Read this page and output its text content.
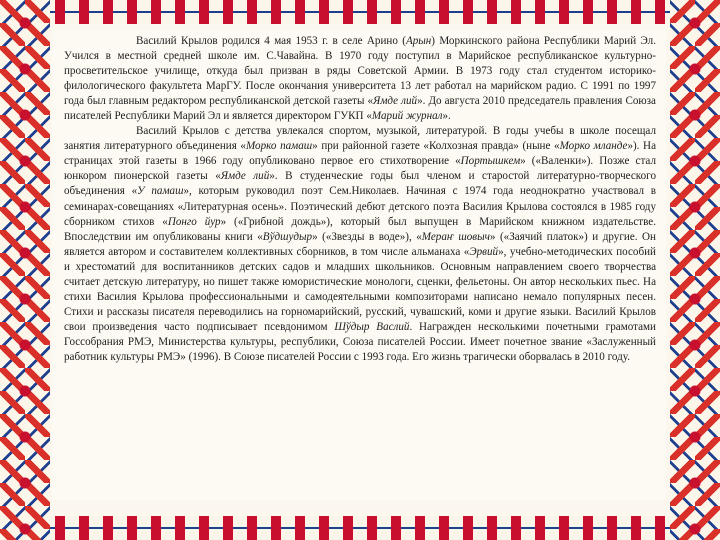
Василий Крылов родился 4 мая 1953 г. в селе Арино (Арын) Моркинского района Республики Марий Эл. Учился в местной средней школе им. С.Чавайна. В 1970 году поступил в Марийское республиканское культурно-просветительское училище, откуда был призван в ряды Советской Армии. В 1973 году стал студентом историко-филологического факультета МарГУ. После окончания университета 13 лет работал на марийском радио. С 1991 по 1997 года был главным редактором республиканской детской газеты «Ямде лий». До августа 2010 председатель правления Союза писателей Республики Марий Эл и является директором ГУКП «Марий журнал».

Василий Крылов с детства увлекался спортом, музыкой, литературой. В годы учебы в школе посещал занятия литературного объединения «Морко памаш» при районной газете «Колхозная правда» (ныне «Морко мланде»). На страницах этой газеты в 1966 году опубликовано первое его стихотворение «Портышкем» («Валенки»). Позже стал юнкором пионерской газеты «Ямде лий». В студенческие годы был членом и старостой литературно-творческого объединения «У памаш», которым руководил поэт Сем.Николаев. Начиная с 1974 года неоднократно участвовал в семинарах-совещаниях «Литературная осень». Поэтический дебют детского поэта Василия Крылова состоялся в 1985 году сборником стихов «Понго йур» («Грибной дождь»), который был выпущен в Марийском книжном издательстве. Впоследствии им опубликованы книги «Вўдшудыр» («Звезды в воде»), «Мераҥ шовыч» («Заячий платок») и другие. Он является автором и составителем коллективных сборников, в том числе альманаха «Эрвий», учебно-методических пособий и хрестоматий для воспитанников детских садов и младших школьников. Основным направлением своего творчества считает детскую литературу, но пишет также юмористические монологи, сценки, фельетоны. Он автор нескольких пьес. На стихи Василия Крылова профессиональными и самодеятельными композиторами написано немало популярных песен. Стихи и рассказы писателя переводились на горномарийский, русский, чувашский, коми и другие языки. Василий Крылов свои произведения часто подписывает псевдонимом Шўдыр Васлий. Награжден несколькими почетными грамотами Госсобрания РМЭ, Министерства культуры, республики, Союза писателей России. Имеет почетное звание «Заслуженный работник культуры РМЭ» (1996). В Союзе писателей России с 1993 года. Его жизнь трагически оборвалась в 2010 году.
